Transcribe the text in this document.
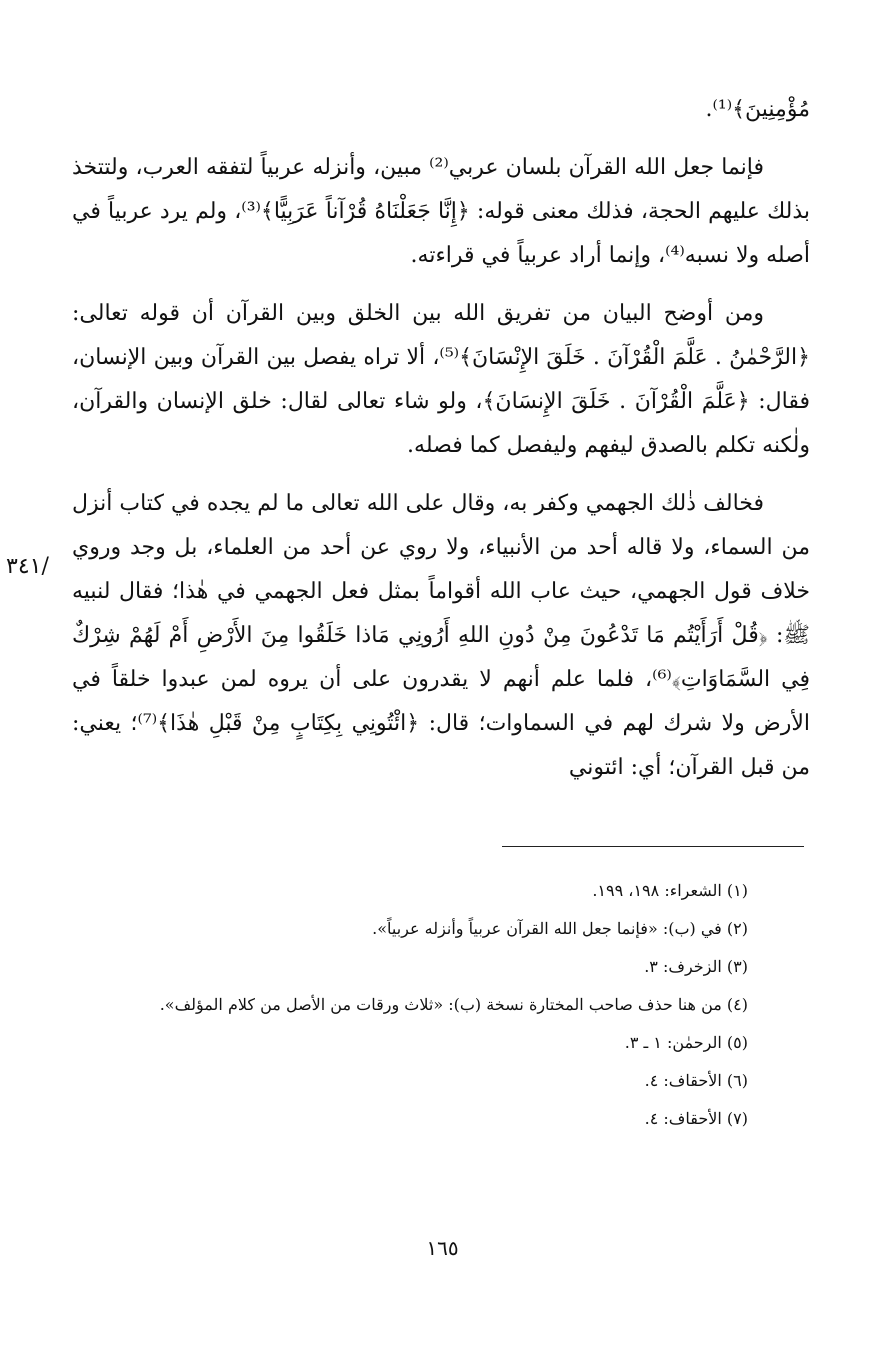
مُؤْمِنِينَ﴾⁽¹⁾.

فإنما جعل الله القرآن بلسان عربي⁽²⁾ مبين، وأنزله عربياً لتفقه العرب، ولتتخذ بذلك عليهم الحجة، فذلك معنى قوله: ﴿إِنَّا جَعَلْنَاهُ قُرْآناً عَرَبِيًّا﴾⁽³⁾، ولم يرد عربياً في أصله ولا نسبه⁽⁴⁾، وإنما أراد عربياً في قراءته.

ومن أوضح البيان من تفريق الله بين الخلق وبين القرآن أن قوله تعالى: ﴿الرَّحْمٰنُ . عَلَّمَ الْقُرْآنَ . خَلَقَ الإِنْسَانَ﴾⁽⁵⁾، ألا تراه يفصل بين القرآن وبين الإنسان، فقال: ﴿عَلَّمَ الْقُرْآنَ . خَلَقَ الإِنسَانَ﴾، ولو شاء تعالى لقال: خلق الإنسان والقرآن، ولٰكنه تكلم بالصدق ليفهم وليفصل كما فصله.

فخالف ذٰلك الجهمي وكفر به، وقال على الله تعالى ما لم يجده في كتاب أنزل من السماء، ولا قاله أحد من الأنبياء، ولا روي عن أحد من العلماء، بل وجد وروي خلاف قول الجهمي، حيث عاب الله أقواماً بمثل فعل الجهمي في هٰذا؛ فقال لنبيه ﷺ: ﴿قُلْ أَرَأَيْتُم مَا تَدْعُونَ مِنْ دُونِ اللهِ أَرُونِي مَاذا خَلَقُوا مِنَ الأَرْضِ أَمْ لَهُمْ شِرْكٌ فِي السَّمَاوَاتِ﴾⁽⁶⁾، فلما علم أنهم لا يقدرون على أن يروه لمن عبدوا خلقاً في الأرض ولا شرك لهم في السماوات؛ قال: ﴿ائْتُونِي بِكِتَابٍ مِنْ قَبْلِ هٰذَا﴾⁽⁷⁾؛ يعني: من قبل القرآن؛ أي: ائتوني

/٣٤١

(١) الشعراء: ١٩٨، ١٩٩.

(٢) في (ب): «فإنما جعل الله القرآن عربياً وأنزله عربياً».

(٣) الزخرف: ٣.

(٤) من هنا حذف صاحب المختارة نسخة (ب): «ثلاث ورقات من الأصل من كلام المؤلف».

(٥) الرحمٰن: ١ ـ ٣.

(٦) الأحقاف: ٤.

(٧) الأحقاف: ٤.

١٦٥
